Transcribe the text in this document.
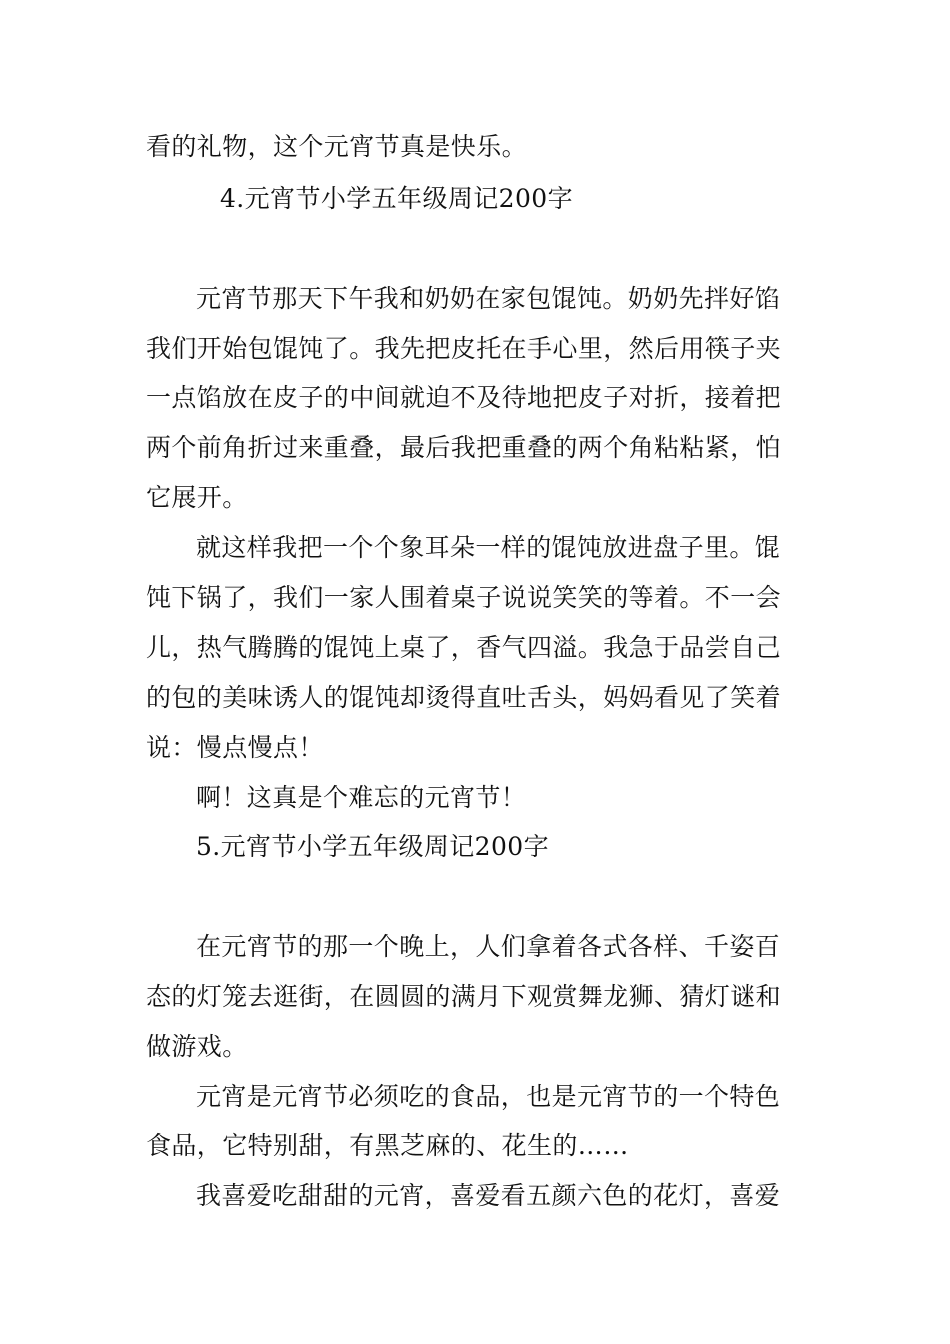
看的礼物，这个元宵节真是快乐。
4.元宵节小学五年级周记200字
元宵节那天下午我和奶奶在家包馄饨。奶奶先拌好馅
我们开始包馄饨了。我先把皮托在手心里，然后用筷子夹
一点馅放在皮子的中间就迫不及待地把皮子对折，接着把
两个前角折过来重叠，最后我把重叠的两个角粘粘紧，怕
它展开。
就这样我把一个个象耳朵一样的馄饨放进盘子里。馄
饨下锅了，我们一家人围着桌子说说笑笑的等着。不一会
儿，热气腾腾的馄饨上桌了，香气四溢。我急于品尝自己
的包的美味诱人的馄饨却烫得直吐舌头，妈妈看见了笑着
说：慢点慢点！
啊！这真是个难忘的元宵节！
5.元宵节小学五年级周记200字
在元宵节的那一个晚上，人们拿着各式各样、千姿百
态的灯笼去逛街，在圆圆的满月下观赏舞龙狮、猜灯谜和
做游戏。
元宵是元宵节必须吃的食品，也是元宵节的一个特色
食品，它特别甜，有黑芝麻的、花生的……
我喜爱吃甜甜的元宵，喜爱看五颜六色的花灯，喜爱
